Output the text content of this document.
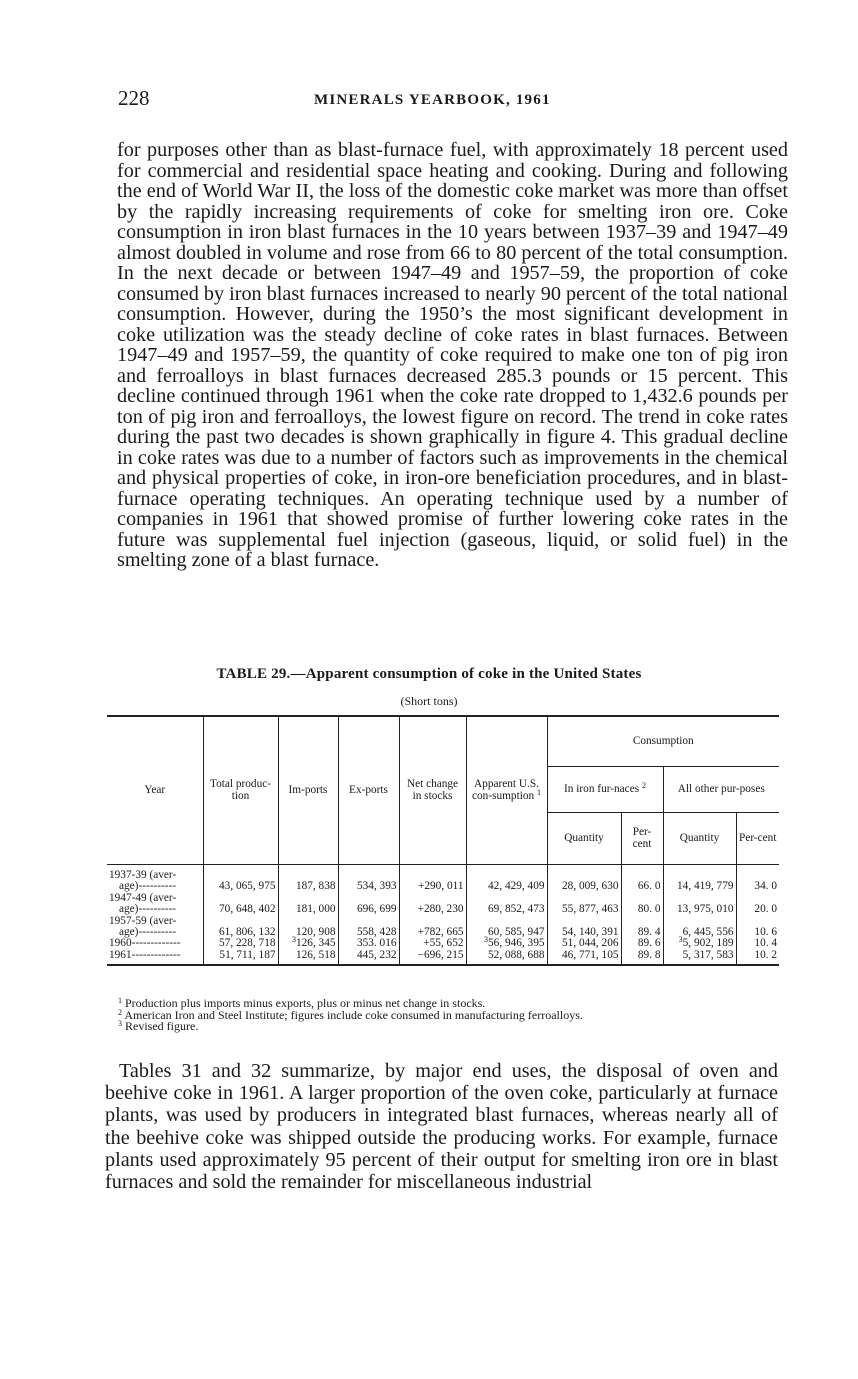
228	MINERALS YEARBOOK, 1961

for purposes other than as blast-furnace fuel, with approximately 18 percent used for commercial and residential space heating and cooking. During and following the end of World War II, the loss of the domestic coke market was more than offset by the rapidly increasing requirements of coke for smelting iron ore. Coke consumption in iron blast furnaces in the 10 years between 1937–39 and 1947–49 almost doubled in volume and rose from 66 to 80 percent of the total consumption. In the next decade or between 1947–49 and 1957–59, the proportion of coke consumed by iron blast furnaces increased to nearly 90 percent of the total national consumption. However, during the 1950’s the most significant development in coke utilization was the steady decline of coke rates in blast furnaces. Between 1947–49 and 1957–59, the quantity of coke required to make one ton of pig iron and ferroalloys in blast furnaces decreased 285.3 pounds or 15 percent. This decline continued through 1961 when the coke rate dropped to 1,432.6 pounds per ton of pig iron and ferroalloys, the lowest figure on record. The trend in coke rates during the past two decades is shown graphically in figure 4. This gradual decline in coke rates was due to a number of factors such as improvements in the chemical and physical properties of coke, in iron-ore beneficiation procedures, and in blast-furnace operating techniques. An operating technique used by a number of companies in 1961 that showed promise of further lowering coke rates in the future was supplemental fuel injection (gaseous, liquid, or solid fuel) in the smelting zone of a blast furnace.

TABLE 29.—Apparent consumption of coke in the United States
(Short tons)
Year	Total produc-tion	Im-ports	Ex-ports	Net change in stocks	Apparent U.S. con-sumption $^1$	Consumption			
						In iron fur-naces $^2$		All other pur-poses	
						Quantity	Per-cent	Quantity	Per-cent

1937-39 (aver-
age)----------	43, 065, 975	187, 838	534, 393	+290, 011	42, 429, 409	28, 009, 630	66. 0	14, 419, 779	34. 0

1947-49 (aver-
age)----------	70, 648, 402	181, 000	696, 699	+280, 230	69, 852, 473	55, 877, 463	80. 0	13, 975, 010	20. 0

1957-59 (aver-
age)----------	61, 806, 132	120, 908	558, 428	+782, 665	60, 585, 947	54, 140, 391	89. 4	6, 445, 556	10. 6
1960-------------	57, 228, 718	$^3$126, 345	353. 016	+55, 652	$^3$56, 946, 395	51, 044, 206	89. 6	$^3$5, 902, 189	10. 4
1961-------------	51, 711, 187	126, 518	445, 232	−696, 215	52, 088, 688	46, 771, 105	89. 8	5, 317, 583	10. 2

$^1$ Production plus imports minus exports, plus or minus net change in stocks.
$^2$ American Iron and Steel Institute; figures include coke consumed in manufacturing ferroalloys.
$^3$ Revised figure.

Tables 31 and 32 summarize, by major end uses, the disposal of oven and beehive coke in 1961. A larger proportion of the oven coke, particularly at furnace plants, was used by producers in integrated blast furnaces, whereas nearly all of the beehive coke was shipped outside the producing works. For example, furnace plants used approximately 95 percent of their output for smelting iron ore in blast furnaces and sold the remainder for miscellaneous industrial
